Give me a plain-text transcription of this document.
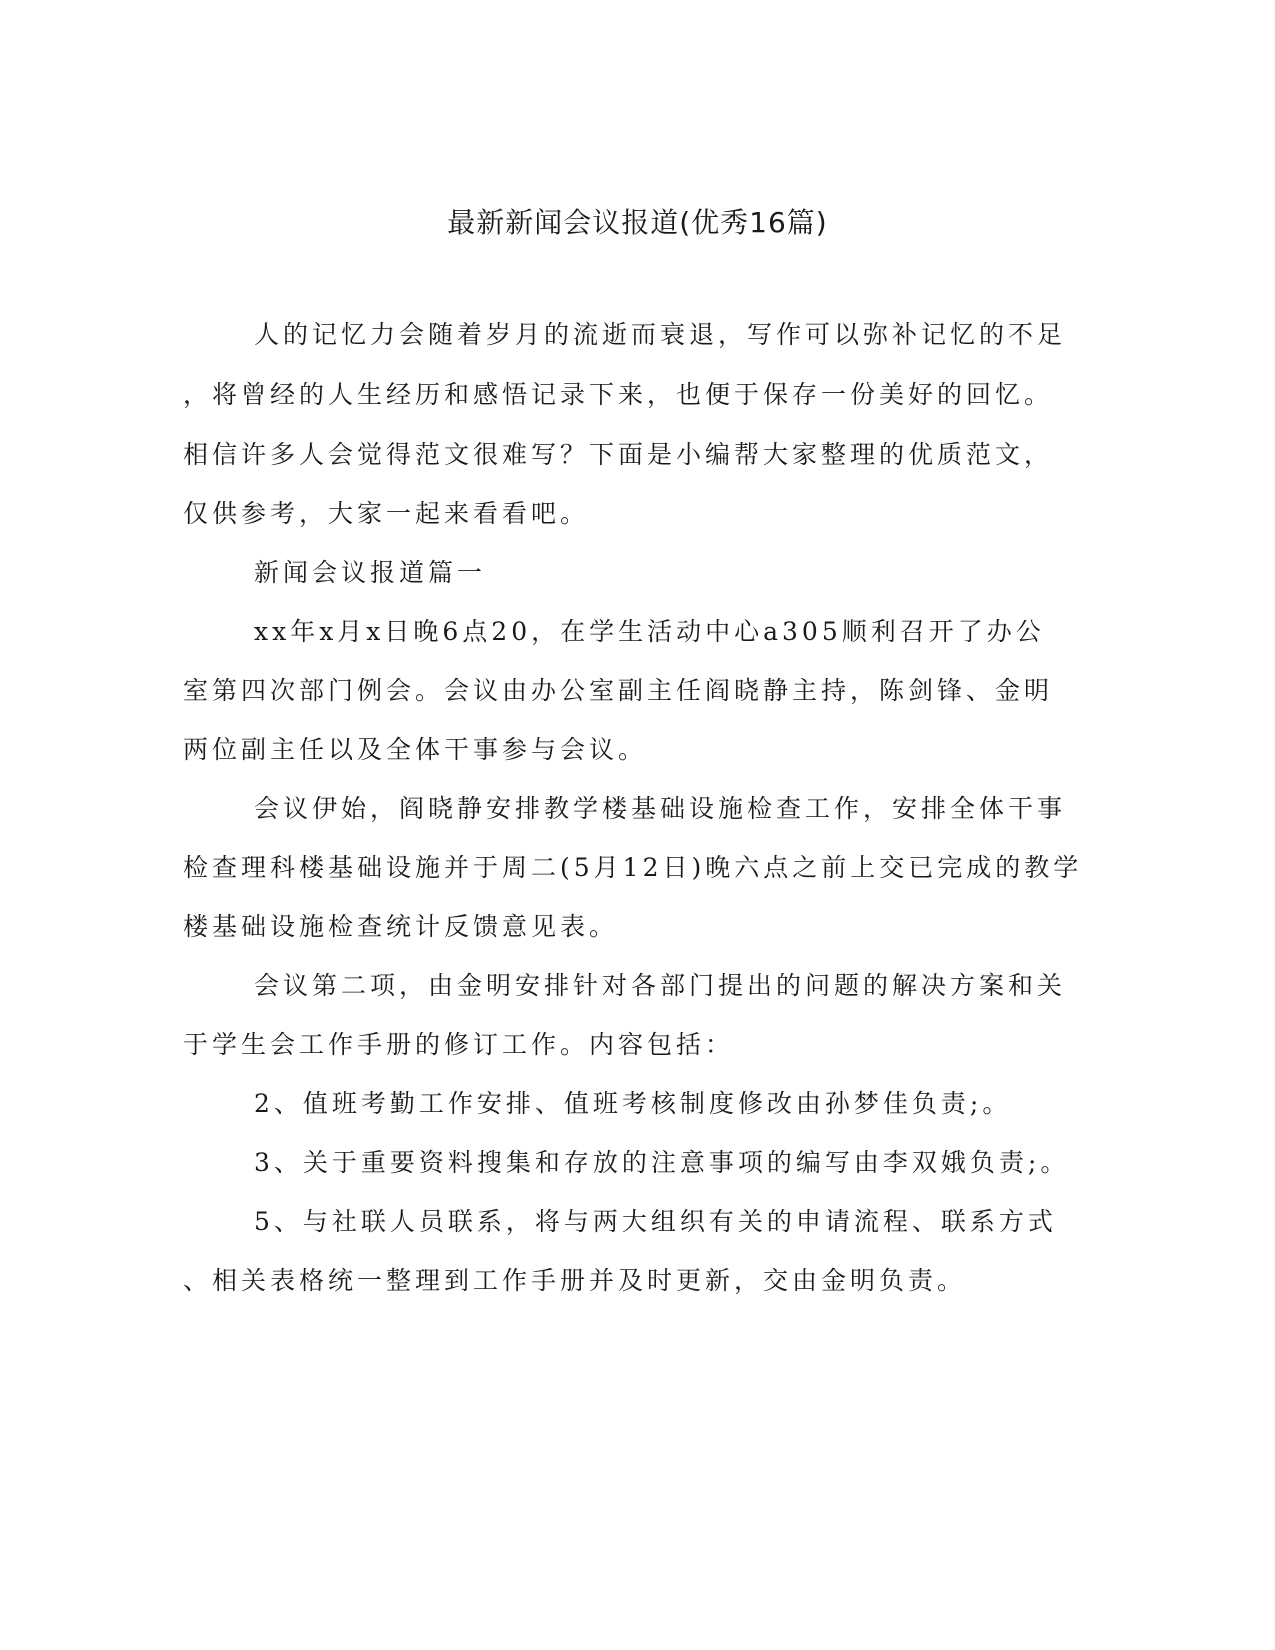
最新新闻会议报道(优秀16篇)
人的记忆力会随着岁月的流逝而衰退，写作可以弥补记忆的不足
，将曾经的人生经历和感悟记录下来，也便于保存一份美好的回忆。
相信许多人会觉得范文很难写？下面是小编帮大家整理的优质范文，
仅供参考，大家一起来看看吧。
新闻会议报道篇一
xx年x月x日晚6点20，在学生活动中心a305顺利召开了办公
室第四次部门例会。会议由办公室副主任阎晓静主持，陈剑锋、金明
两位副主任以及全体干事参与会议。
会议伊始，阎晓静安排教学楼基础设施检查工作，安排全体干事
检查理科楼基础设施并于周二(5月12日)晚六点之前上交已完成的教学
楼基础设施检查统计反馈意见表。
会议第二项，由金明安排针对各部门提出的问题的解决方案和关
于学生会工作手册的修订工作。内容包括：
2、值班考勤工作安排、值班考核制度修改由孙梦佳负责;。
3、关于重要资料搜集和存放的注意事项的编写由李双娥负责;。
5、与社联人员联系，将与两大组织有关的申请流程、联系方式
、相关表格统一整理到工作手册并及时更新，交由金明负责。
